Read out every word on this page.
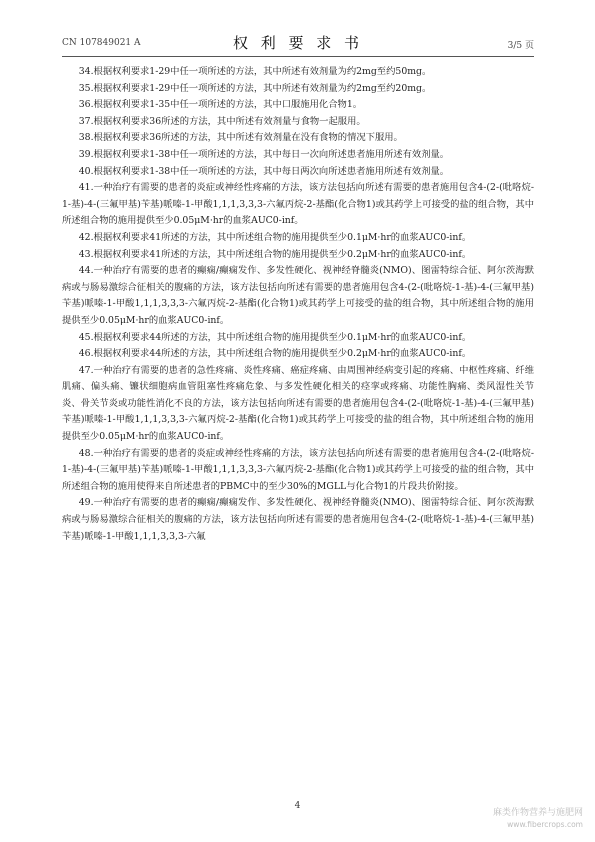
CN 107849021 A	权 利 要 求 书	3/5 页

34.根据权利要求1-29中任一项所述的方法，其中所述有效剂量为约2mg至约50mg。

35.根据权利要求1-29中任一项所述的方法，其中所述有效剂量为约2mg至约20mg。

36.根据权利要求1-35中任一项所述的方法，其中口服施用化合物1。

37.根据权利要求36所述的方法，其中所述有效剂量与食物一起服用。

38.根据权利要求36所述的方法，其中所述有效剂量在没有食物的情况下服用。

39.根据权利要求1-38中任一项所述的方法，其中每日一次向所述患者施用所述有效剂量。

40.根据权利要求1-38中任一项所述的方法，其中每日两次向所述患者施用所述有效剂量。

41.一种治疗有需要的患者的炎症或神经性疼痛的方法，该方法包括向所述有需要的患者施用包含4-(2-(吡咯烷-1-基)-4-(三氟甲基)苄基)哌嗪-1-甲酸1,1,1,3,3,3-六氟丙烷-2-基酯(化合物1)或其药学上可接受的盐的组合物，其中所述组合物的施用提供至少0.05μM·hr的血浆AUC0-inf。

42.根据权利要求41所述的方法，其中所述组合物的施用提供至少0.1μM·hr的血浆AUC0-inf。

43.根据权利要求41所述的方法，其中所述组合物的施用提供至少0.2μM·hr的血浆AUC0-inf。

44.一种治疗有需要的患者的癫痫/癫痫发作、多发性硬化、视神经脊髓炎(NMO)、图雷特综合征、阿尔茨海默病或与肠易激综合征相关的腹痛的方法，该方法包括向所述有需要的患者施用包含4-(2-(吡咯烷-1-基)-4-(三氟甲基)苄基)哌嗪-1-甲酸1,1,1,3,3,3-六氟丙烷-2-基酯(化合物1)或其药学上可接受的盐的组合物，其中所述组合物的施用提供至少0.05μM·hr的血浆AUC0-inf。

45.根据权利要求44所述的方法，其中所述组合物的施用提供至少0.1μM·hr的血浆AUC0-inf。

46.根据权利要求44所述的方法，其中所述组合物的施用提供至少0.2μM·hr的血浆AUC0-inf。

47.一种治疗有需要的患者的急性疼痛、炎性疼痛、癌症疼痛、由周围神经病变引起的疼痛、中枢性疼痛、纤维肌痛、偏头痛、镰状细胞病血管阻塞性疼痛危象、与多发性硬化相关的痉挛或疼痛、功能性胸痛、类风湿性关节炎、骨关节炎或功能性消化不良的方法，该方法包括向所述有需要的患者施用包含4-(2-(吡咯烷-1-基)-4-(三氟甲基)苄基)哌嗪-1-甲酸1,1,1,3,3,3-六氟丙烷-2-基酯(化合物1)或其药学上可接受的盐的组合物，其中所述组合物的施用提供至少0.05μM·hr的血浆AUC0-inf。

48.一种治疗有需要的患者的炎症或神经性疼痛的方法，该方法包括向所述有需要的患者施用包含4-(2-(吡咯烷-1-基)-4-(三氟甲基)苄基)哌嗪-1-甲酸1,1,1,3,3,3-六氟丙烷-2-基酯(化合物1)或其药学上可接受的盐的组合物，其中所述组合物的施用使得来自所述患者的PBMC中的至少30%的MGLL与化合物1的片段共价附接。

49.一种治疗有需要的患者的癫痫/癫痫发作、多发性硬化、视神经脊髓炎(NMO)、图雷特综合征、阿尔茨海默病或与肠易激综合征相关的腹痛的方法，该方法包括向所述有需要的患者施用包含4-(2-(吡咯烷-1-基)-4-(三氟甲基)苄基)哌嗪-1-甲酸1,1,1,3,3,3-六氟

4
麻类作物营养与施肥网
www.fibercrops.com
